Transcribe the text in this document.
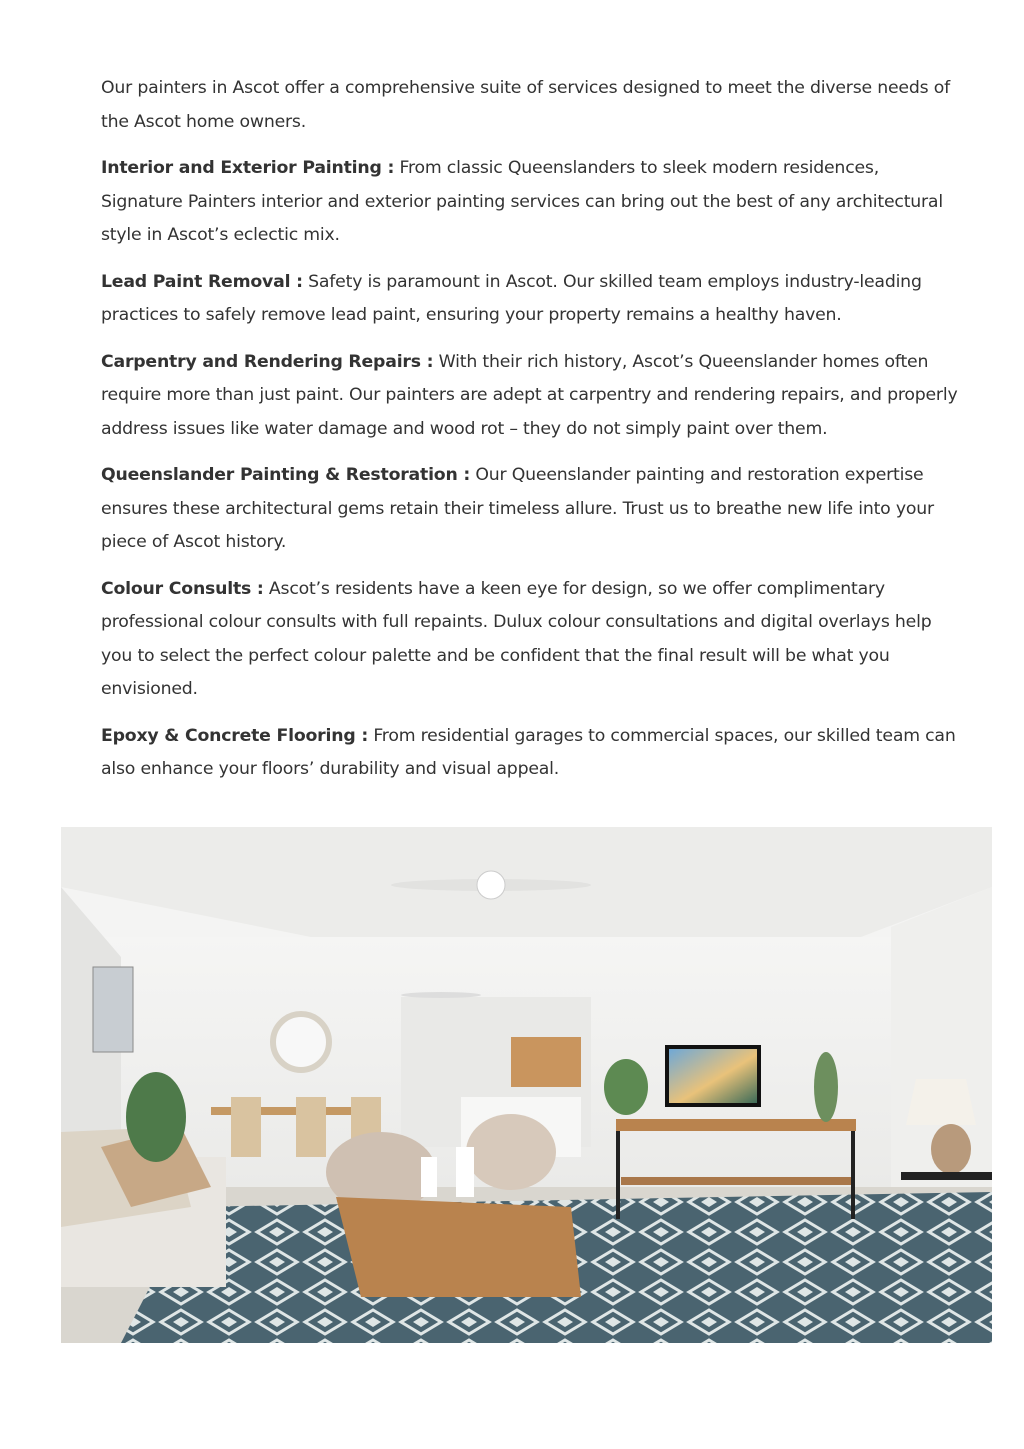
Our painters in Ascot offer a comprehensive suite of services designed to meet the diverse needs of the Ascot home owners.

Interior and Exterior Painting : From classic Queenslanders to sleek modern residences, Signature Painters interior and exterior painting services can bring out the best of any architectural style in Ascot’s eclectic mix.

Lead Paint Removal : Safety is paramount in Ascot. Our skilled team employs industry-leading practices to safely remove lead paint, ensuring your property remains a healthy haven.

Carpentry and Rendering Repairs : With their rich history, Ascot’s Queenslander homes often require more than just paint. Our painters are adept at carpentry and rendering repairs, and properly address issues like water damage and wood rot – they do not simply paint over them.

Queenslander Painting & Restoration : Our Queenslander painting and restoration expertise ensures these architectural gems retain their timeless allure. Trust us to breathe new life into your piece of Ascot history.

Colour Consults : Ascot’s residents have a keen eye for design, so we offer complimentary professional colour consults with full repaints. Dulux colour consultations and digital overlays help you to select the perfect colour palette and be confident that the final result will be what you envisioned.

Epoxy & Concrete Flooring : From residential garages to commercial spaces, our skilled team can also enhance your floors’ durability and visual appeal.
